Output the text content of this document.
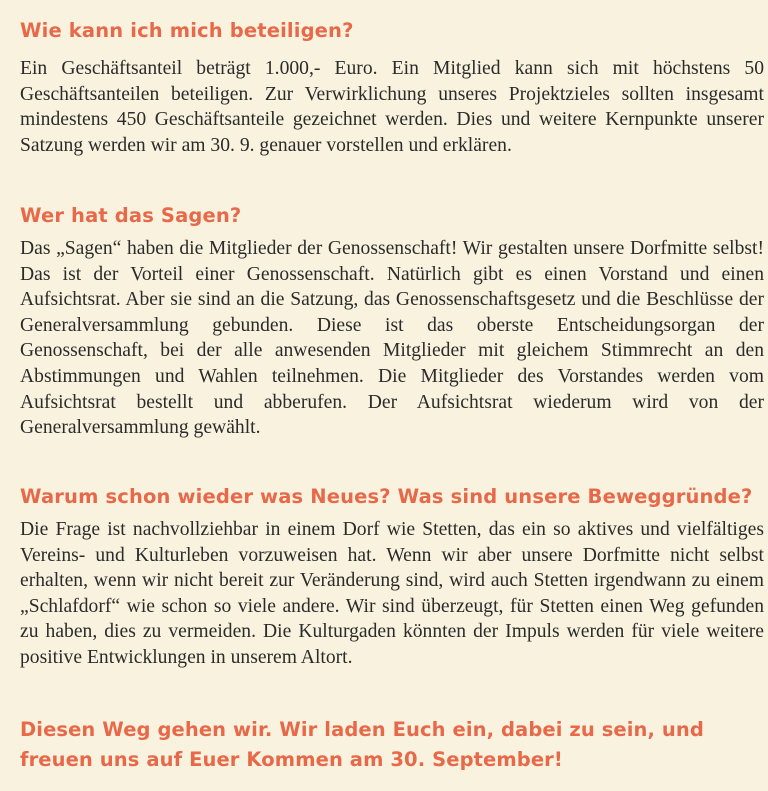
Wie kann ich mich beteiligen?

Ein Geschäftsanteil beträgt 1.000,- Euro. Ein Mitglied kann sich mit höchstens 50 Geschäftsanteilen beteiligen. Zur Verwirklichung unseres Projektzieles sollten insgesamt mindestens 450 Geschäftsanteile gezeichnet werden. Dies und weitere Kernpunkte unserer Satzung werden wir am 30. 9. genauer vorstellen und erklären.

Wer hat das Sagen?

Das „Sagen“ haben die Mitglieder der Genossenschaft! Wir gestalten unsere Dorfmitte selbst! Das ist der Vorteil einer Genossenschaft. Natürlich gibt es einen Vorstand und einen Aufsichtsrat. Aber sie sind an die Satzung, das Genossenschaftsgesetz und die Beschlüsse der Generalversammlung gebunden. Diese ist das oberste Entscheidungsorgan der Genossenschaft, bei der alle anwesenden Mitglieder mit gleichem Stimmrecht an den Abstimmungen und Wahlen teilnehmen. Die Mitglieder des Vorstandes werden vom Aufsichtsrat bestellt und abberufen. Der Aufsichtsrat wiederum wird von der Generalversammlung gewählt.

Warum schon wieder was Neues? Was sind unsere Beweggründe?

Die Frage ist nachvollziehbar in einem Dorf wie Stetten, das ein so aktives und vielfältiges Vereins- und Kulturleben vorzuweisen hat. Wenn wir aber unsere Dorfmitte nicht selbst erhalten, wenn wir nicht bereit zur Veränderung sind, wird auch Stetten irgendwann zu einem „Schlafdorf“ wie schon so viele andere. Wir sind überzeugt, für Stetten einen Weg gefunden zu haben, dies zu vermeiden. Die Kulturgaden könnten der Impuls werden für viele weitere positive Entwicklungen in unserem Altort.

Diesen Weg gehen wir. Wir laden Euch ein, dabei zu sein, und freuen uns auf Euer Kommen am 30. September!
